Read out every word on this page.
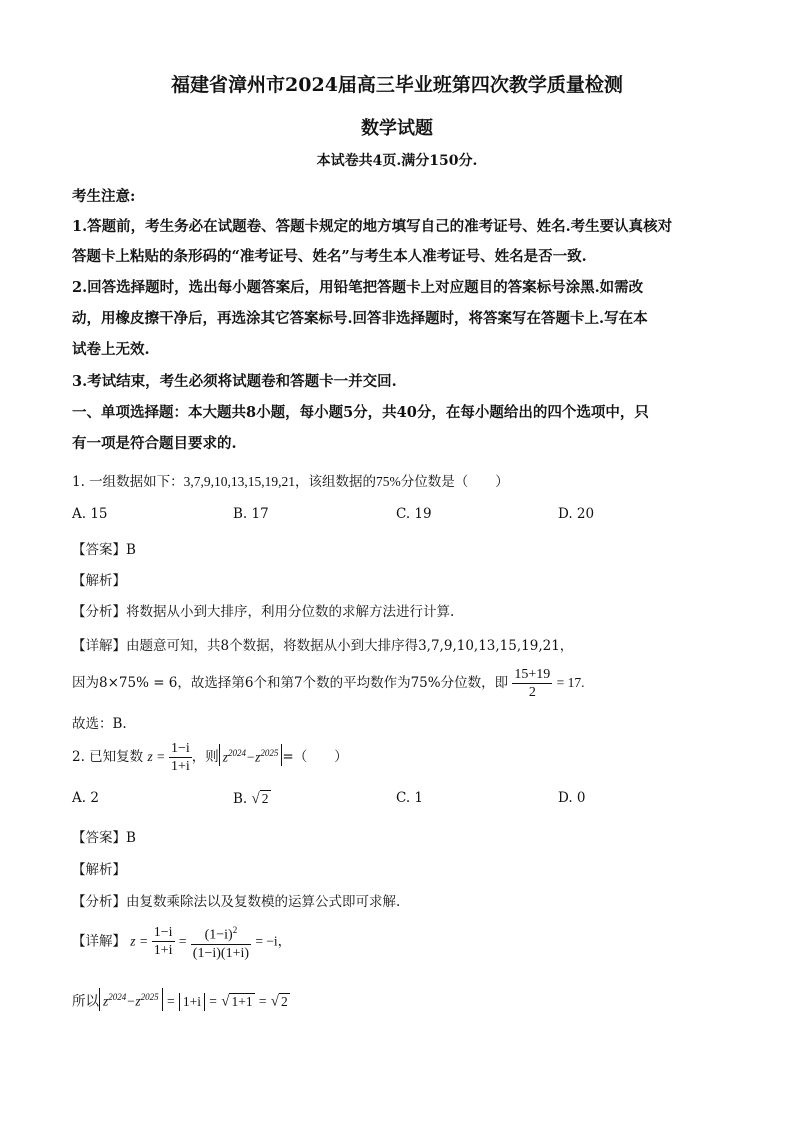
福建省漳州市2024届高三毕业班第四次教学质量检测
数学试题
本试卷共4页.满分150分.
考生注意:
1.答题前，考生务必在试题卷、答题卡规定的地方填写自己的准考证号、姓名.考生要认真核对
答题卡上粘贴的条形码的“准考证号、姓名”与考生本人准考证号、姓名是否一致.
2.回答选择题时，选出每小题答案后，用铅笔把答题卡上对应题目的答案标号涂黑.如需改
动，用橡皮擦干净后，再选涂其它答案标号.回答非选择题时，将答案写在答题卡上.写在本
试卷上无效.
3.考试结束，考生必须将试题卷和答题卡一并交回.
一、单项选择题：本大题共8小题，每小题5分，共40分，在每小题给出的四个选项中，只
有一项是符合题目要求的.
1. 一组数据如下：3,7,9,10,13,15,19,21，该组数据的75%分位数是（　　）
A. 15	B. 17	C. 19	D. 20
【答案】B
【解析】
【分析】将数据从小到大排序，利用分位数的求解方法进行计算.
【详解】由题意可知，共8个数据，将数据从小到大排序得3,7,9,10,13,15,19,21，
因为8×75% = 6，故选择第6个和第7个数的平均数作为75%分位数，即 $\frac{15+19}{2} = 17$.
故选：B.
2. 已知复数 $z = \frac{1-i}{1+i}$ ，则 $z^{2024}-z^{2025}$ =（　　）
A. 2	B. √ 2	C. 1	D. 0
【答案】B
【解析】
【分析】由复数乘除法以及复数模的运算公式即可求解.
【详解】 $z = \frac{1-i}{1+i} = \frac{(1-i)^2}{(1-i)(1+i)} = -i$，
所以 $z^{2024}-z^{2025} = 1+i$ = √ 1+1 = √ 2
